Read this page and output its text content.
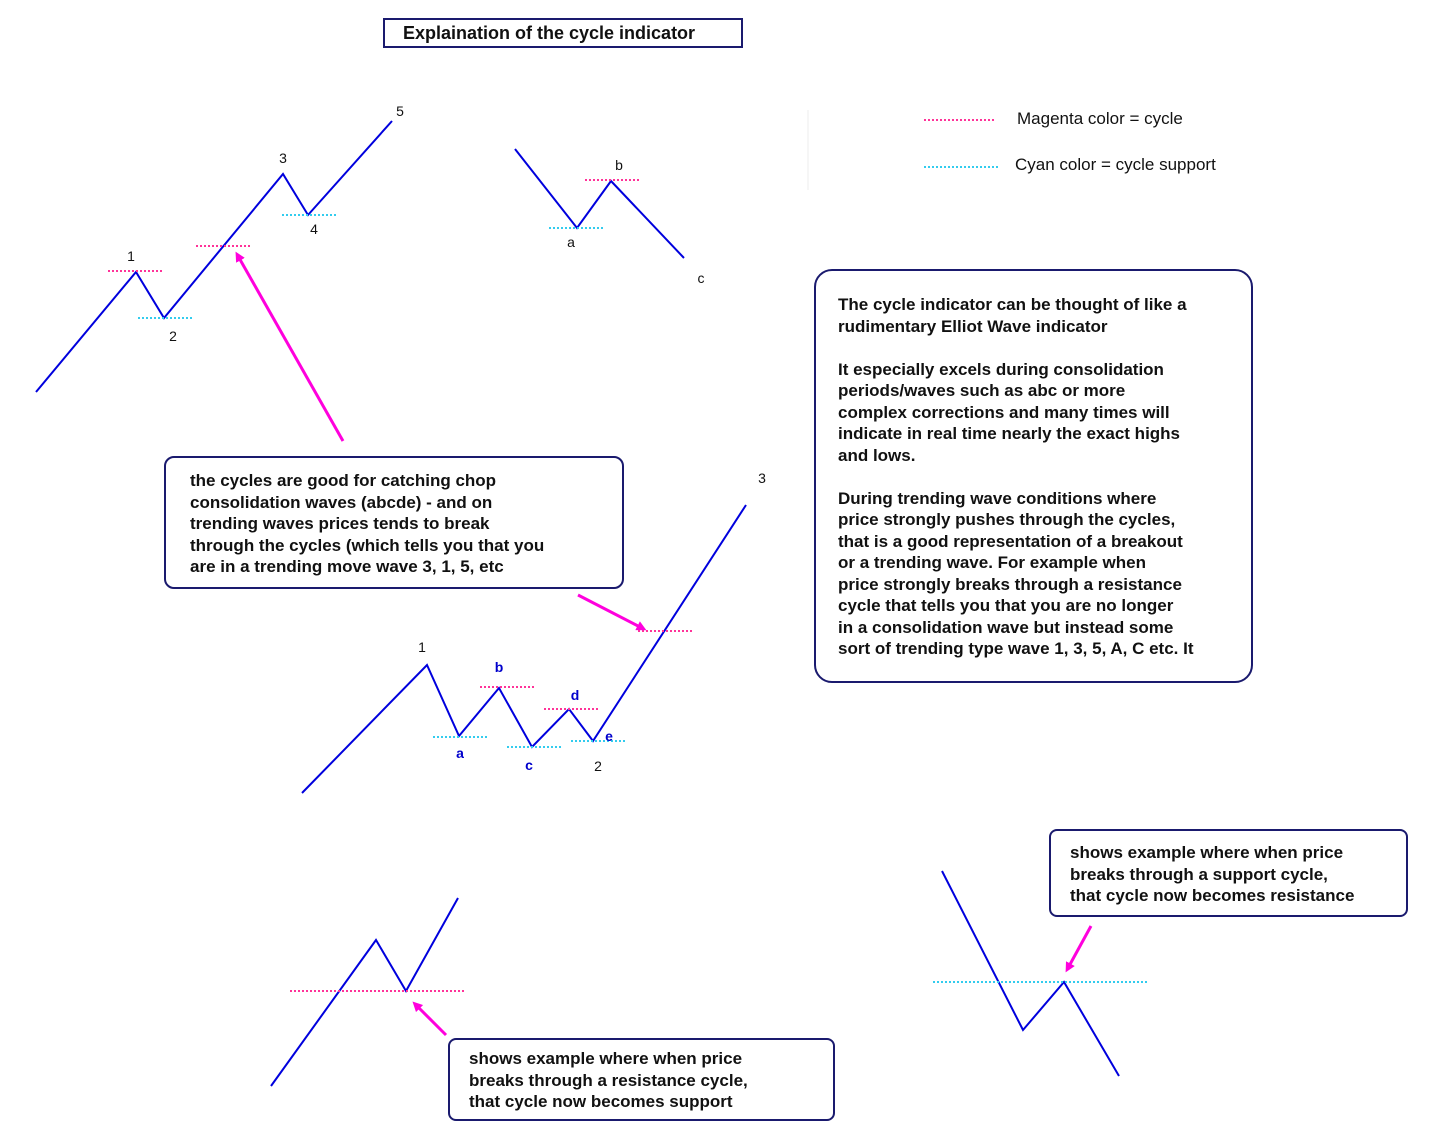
1
2
3
4
5
a
b
c
1
a
b
c
d
e
2
3
Explaination of the cycle indicator
Magenta color = cycle
Cyan color = cycle support
the cycles are good for catching chop
consolidation waves (abcde) - and on
trending waves prices tends to break
through the cycles (which tells you that you
are in a trending move wave 3, 1, 5, etc
The cycle indicator can be thought of like a
rudimentary Elliot Wave indicator

It especially excels during consolidation
periods/waves such as abc or more
complex corrections and many times will
indicate in real time nearly the exact highs
and lows.

During trending wave conditions where
price strongly pushes through the cycles,
that is a good representation of a breakout
or a trending wave. For example when
price strongly breaks through a resistance
cycle that tells you that you are no longer
in a consolidation wave but instead some
sort of trending type wave 1, 3, 5, A, C etc. It
shows example where when price
breaks through a resistance cycle,
that cycle now becomes support
shows example where when price
breaks through a support cycle,
that cycle now becomes resistance
